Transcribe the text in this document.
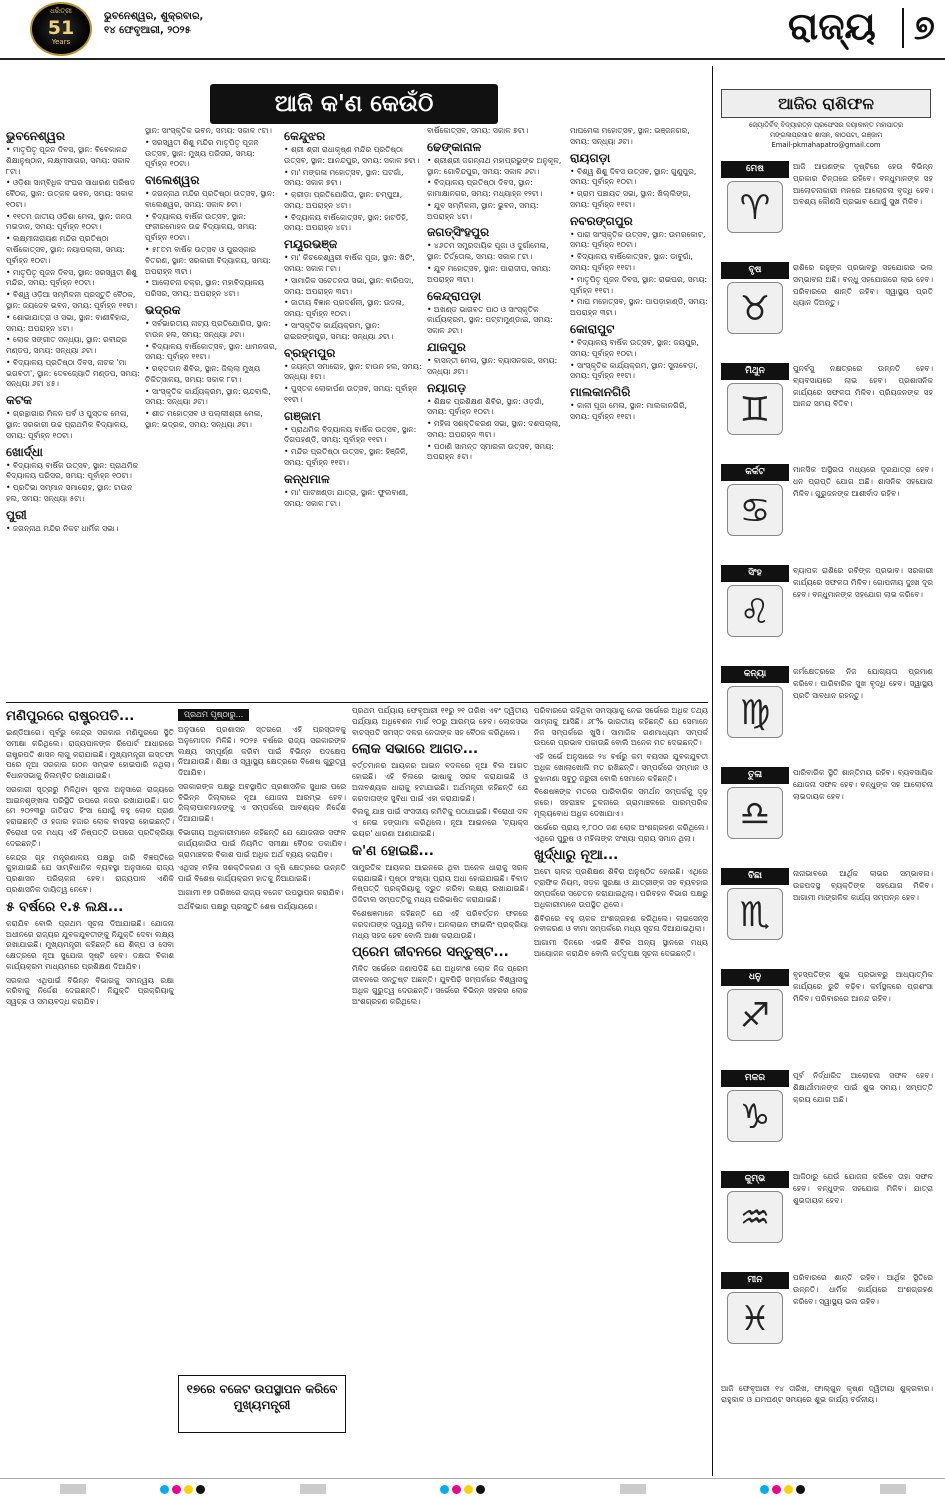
ଧରିତ୍ରୀ
51
Years
ଭୁବନେଶ୍ୱର, ଶୁକ୍ରବାର,
୧୪ ଫେବୃଆରୀ, ୨୦୨୫	ରାଜ୍ୟ	୭
ଆଜି କ'ଣ କେଉଁଠି
ଭୁବନେଶ୍ୱର

• ମାତୃପିତୃ ପୂଜନ ଦିବସ, ସ୍ଥାନ: ବିବେକାନନ୍ଦ ଶିକ୍ଷାନୁଷ୍ଠାନ, ଲକ୍ଷ୍ମୀସାଗର, ସମୟ: ସକାଳ ୮ଟା।

• ଓଡ଼ିଶା ସାମ୍ବିଧିକ ସଂଘର ସାଧାରଣ ପରିଷଦ ବୈଠକ, ସ୍ଥାନ: ଉତ୍କଳ ଭବନ, ସମୟ: ସକାଳ ୧୦ଟା।

• ୧୧ତମ ଜାତୀୟ ଓଡ଼ିଶା ମେଳା, ସ୍ଥାନ: ଜନତା ମଇଦାନ, ସମୟ: ପୂର୍ବାହ୍ନ ୧୦ଟା।

• ଲକ୍ଷ୍ମୀନାରାୟଣ ମନ୍ଦିର ପ୍ରତିଷ୍ଠା ବାର୍ଷିକୋତ୍ସବ, ସ୍ଥାନ: ନୟାପଲ୍ଲୀ, ସମୟ: ପୂର୍ବାହ୍ନ ୧୦ଟା।

• ମାତୃପିତୃ ପୂଜନ ଦିବସ, ସ୍ଥାନ: ସରସ୍ୱତୀ ଶିଶୁ ମନ୍ଦିର, ସମୟ: ପୂର୍ବାହ୍ନ ୧୦ଟା।

• ବିଶ୍ୱ ଓଡ଼ିଆ ସମ୍ମିଳନୀ ପ୍ରସ୍ତୁତି ବୈଠକ, ସ୍ଥାନ: ଜୟଦେବ ଭବନ, ସମୟ: ପୂର୍ବାହ୍ନ ୧୧ଟା।

• ଶୋଭାଯାତ୍ରା ଓ ସଭା, ସ୍ଥାନ: ବାଣୀବିହାର, ସମୟ: ଅପରାହ୍ନ ୪ଟା।

• ଲୋକ ସଙ୍ଗୀତ ସନ୍ଧ୍ୟା, ସ୍ଥାନ: ରବୀନ୍ଦ୍ର ମଣ୍ଡପ, ସମୟ: ସନ୍ଧ୍ୟା ୬ଟା।

• ବିଦ୍ୟାଳୟ ପ୍ରତିଷ୍ଠା ଦିବସ, ନାଟକ 'ମା ଭଗବତୀ', ସ୍ଥାନ: ଦେବଜ୍ୟୋତି ମଣ୍ଡପ, ସମୟ: ସନ୍ଧ୍ୟା ୬ଟା ୪୫।

କଟକ

• ଗ୍ରନ୍ଥାଗାର ମିଳନ ପର୍ବ ଓ ପୁସ୍ତକ ମେଳା, ସ୍ଥାନ: ସରକାରୀ ଉଚ୍ଚ ପ୍ରାଥମିକ ବିଦ୍ୟାଳୟ, ସମୟ: ପୂର୍ବାହ୍ନ ୧୦ଟା।

ଖୋର୍ଦ୍ଧା

• ବିଦ୍ୟାଳୟ ବାର୍ଷିକ ଉତ୍ସବ, ସ୍ଥାନ: ପ୍ରାଥମିକ ବିଦ୍ୟାଳୟ ପରିସର, ସମୟ: ପୂର୍ବାହ୍ନ ୧୦ଟା।

• ପ୍ରତିଭା ସମ୍ମାନ ସମାରୋହ, ସ୍ଥାନ: ଟାଉନ ହଲ, ସମୟ: ସନ୍ଧ୍ୟା ୫ଟା।

ପୁରୀ

• ଜଗନ୍ନାଥ ମନ୍ଦିର ନିକଟ ଧାର୍ମିକ ସଭା।

ସ୍ଥାନ: ସାଂସ୍କୃତିକ ଭବନ, ସମୟ: ସକାଳ ୯ଟା।

• ସରସ୍ୱତୀ ଶିଶୁ ମନ୍ଦିର ମାତୃପିତୃ ପୂଜନ ଉତ୍ସବ, ସ୍ଥାନ: ମୁଖ୍ୟ ପରିସର, ସମୟ: ପୂର୍ବାହ୍ନ ୧୦ଟା।

ବାଲେଶ୍ୱର

• ଜଗନ୍ନାଥ ମନ୍ଦିର ପ୍ରତିଷ୍ଠା ଉତ୍ସବ, ସ୍ଥାନ: ବାଲେଶ୍ୱର, ସମୟ: ସକାଳ ୭ଟା।

• ବିଦ୍ୟାଳୟ ବାର୍ଷିକ ଉତ୍ସବ, ସ୍ଥାନ: ଫକୀରମୋହନ ଉଚ୍ଚ ବିଦ୍ୟାଳୟ, ସମୟ: ପୂର୍ବାହ୍ନ ୧୦ଟା।

• ୫୮ତମ ବାର୍ଷିକ ଉତ୍ସବ ଓ ପୁରସ୍କାର ବିତରଣ, ସ୍ଥାନ: ସରକାରୀ ବିଦ୍ୟାଳୟ, ସମୟ: ଅପରାହ୍ନ ୩ଟା।

• ଆଲୋଚନା ଚକ୍ର, ସ୍ଥାନ: ମହାବିଦ୍ୟାଳୟ ପରିସର, ସମୟ: ଅପରାହ୍ନ ୪ଟା।

ଭଦ୍ରକ

• ସର୍ବଭାରତୀୟ ନାଟ୍ୟ ପ୍ରତିଯୋଗିତା, ସ୍ଥାନ: ଟାଉନ ହଲ, ସମୟ: ସନ୍ଧ୍ୟା ୬ଟା।

• ବିଦ୍ୟାଳୟ ବାର୍ଷିକୋତ୍ସବ, ସ୍ଥାନ: ଧାମନଗର, ସମୟ: ପୂର୍ବାହ୍ନ ୧୧ଟା।

• ରକ୍ତଦାନ ଶିବିର, ସ୍ଥାନ: ଜିଲ୍ଲା ମୁଖ୍ୟ ଚିକିତ୍ସାଳୟ, ସମୟ: ସକାଳ ୮ଟା।

• ସାଂସ୍କୃତିକ କାର୍ଯ୍ୟକ୍ରମ, ସ୍ଥାନ: ଚାନ୍ଦବାଲି, ସମୟ: ସନ୍ଧ୍ୟା ୬ଟା।

• ଶୀତ ମହୋତ୍ସବ ଓ ପଲ୍ଲୀଶ୍ରୀ ମେଳା, ସ୍ଥାନ: ଭଦ୍ରକ, ସମୟ: ସନ୍ଧ୍ୟା ୬ଟା।

କେନ୍ଦୁଝର

• ଶ୍ରୀ ଶ୍ରୀ ରାଧାକୃଷ୍ଣ ମନ୍ଦିର ପ୍ରତିଷ୍ଠା ଉତ୍ସବ, ସ୍ଥାନ: ଆନନ୍ଦପୁର, ସମୟ: ସକାଳ ୭ଟା।

• ମା' ମଙ୍ଗଳା ମହୋତ୍ସବ, ସ୍ଥାନ: ଘଟଗାଁ, ସମୟ: ସକାଳ ୭ଟା।

• କ୍ରୀଡ଼ା ପ୍ରତିଯୋଗିତା, ସ୍ଥାନ: ଚମ୍ପୁଆ, ସମୟ: ଅପରାହ୍ନ ୪ଟା।

• ବିଦ୍ୟାଳୟ ବାର୍ଷିକୋତ୍ସବ, ସ୍ଥାନ: ହାଟଡିହି, ସମୟ: ଅପରାହ୍ନ ୪ଟା।

ମୟୂରଭଞ୍ଜ

• ମା' କିଚକେଶ୍ୱରୀ ବାର୍ଷିକ ପୂଜା, ସ୍ଥାନ: ଖିଚିଂ, ସମୟ: ସକାଳ ୮ଟା।

• ସାମାଜିକ ସଚେତନତା ସଭା, ସ୍ଥାନ: ବାରିପଦା, ସମୟ: ଅପରାହ୍ନ ୩ଟା।

• ଜାତୀୟ ବିଜ୍ଞାନ ପ୍ରଦର୍ଶନୀ, ସ୍ଥାନ: ଉଦଳା, ସମୟ: ପୂର୍ବାହ୍ନ ୧୦ଟା।

• ସାଂସ୍କୃତିକ କାର୍ଯ୍ୟକ୍ରମ, ସ୍ଥାନ: ରାଇରଙ୍ଗପୁର, ସମୟ: ସନ୍ଧ୍ୟା ୬ଟା।

ବ୍ରହ୍ମପୁର

• ଜୟନ୍ତୀ ସମାରୋହ, ସ୍ଥାନ: ଟାଉନ ହଲ, ସମୟ: ସନ୍ଧ୍ୟା ୫ଟା।

• ପୁସ୍ତକ ଲୋକାର୍ପଣ ଉତ୍ସବ, ସମୟ: ପୂର୍ବାହ୍ନ ୧୧ଟା।

ଗଞ୍ଜାମ

• ପ୍ରାଥମିକ ବିଦ୍ୟାଳୟ ବାର୍ଷିକ ଉତ୍ସବ, ସ୍ଥାନ: ଦିଗପହଣ୍ଡି, ସମୟ: ପୂର୍ବାହ୍ନ ୧୧ଟା।

• ମନ୍ଦିର ପ୍ରତିଷ୍ଠା ଉତ୍ସବ, ସ୍ଥାନ: ହିଞ୍ଜିଳି, ସମୟ: ପୂର୍ବାହ୍ନ ୧୧ଟା।

କନ୍ଧମାଳ

• ମା' ପାଟଖଣ୍ଡା ଯାତ୍ରା, ସ୍ଥାନ: ଫୁଲବାଣୀ, ସମୟ: ସକାଳ ୮ଟା।

ବାର୍ଷିକୋତ୍ସବ, ସମୟ: ସକାଳ ୭ଟା।

ଢେଙ୍କାନାଳ

• ଶ୍ରୀଶ୍ରୀ ଜଗନ୍ନାଥ ମହାପ୍ରଭୁଙ୍କ ଅନୁକୂଳ, ସ୍ଥାନ: ଗୋବିନ୍ଦପୁର, ସମୟ: ସକାଳ ୬ଟା।

• ବିଦ୍ୟାଳୟ ପ୍ରତିଷ୍ଠା ଦିବସ, ସ୍ଥାନ: କାମାକ୍ଷାନଗର, ସମୟ: ମଧ୍ୟାହ୍ନ ୧୨ଟା।

• ଯୁବ ସମ୍ମିଳନୀ, ସ୍ଥାନ: ଭୁବନ, ସମୟ: ଅପରାହ୍ନ ୪ଟା।

ଜଗତ୍‌ସିଂହପୁର

• ୪୬ତମ ସମ୍ପ୍ରଦାୟିକ ପୂଜା ଓ ଦୁର୍ଗାମେଳା, ସ୍ଥାନ: ତିର୍ତ୍ତୋଲ, ସମୟ: ସକାଳ ୮ଟା।

• ଯୁବ ମହୋତ୍ସବ, ସ୍ଥାନ: ପାରାଦୀପ, ସମୟ: ଅପରାହ୍ନ ୩ଟା।

କେନ୍ଦ୍ରାପଡ଼ା

• ଅଖଣ୍ଡ ଭାଗବତ ପାଠ ଓ ସାଂସ୍କୃତିକ କାର୍ଯ୍ୟକ୍ରମ, ସ୍ଥାନ: ପଟ୍ଟାମୁଣ୍ଡାଇ, ସମୟ: ସକାଳ ୬ଟା।

ଯାଜପୁର

• ବାସନ୍ତୀ ମେଳା, ସ୍ଥାନ: ବ୍ୟାସନଗର, ସମୟ: ସନ୍ଧ୍ୟା ୬ଟା।

ନୟାଗଡ଼

• ଶିକ୍ଷକ ପ୍ରଶିକ୍ଷଣ ଶିବିର, ସ୍ଥାନ: ଓଡ଼ଗାଁ, ସମୟ: ପୂର୍ବାହ୍ନ ୧୦ଟା।

• ମହିଳା ସଶକ୍ତିକରଣ ସଭା, ସ୍ଥାନ: ଦଶପଲ୍ଲା, ସମୟ: ଅପରାହ୍ନ ୩ଟା।

• ପଠାଣି ସାମନ୍ତ ସ୍ମାରକୀ ଉତ୍ସବ, ସମୟ: ଅପରାହ୍ନ ୫ଟା।

ମାଘମେଳା ମହୋତ୍ସବ, ସ୍ଥାନ: ଭଞ୍ଜନଗର, ସମୟ: ସନ୍ଧ୍ୟା ୬ଟା।

ରାୟଗଡ଼ା

• ବିଶ୍ୱ ଶିଶୁ ଦିବସ ଉତ୍ସବ, ସ୍ଥାନ: ଗୁଣୁପୁର, ସମୟ: ପୂର୍ବାହ୍ନ ୧୦ଟା।

• ଗ୍ରାମ ପଞ୍ଚାୟତ ସଭା, ସ୍ଥାନ: ଖିଲ୍ଲିଙ୍ଗ, ସମୟ: ପୂର୍ବାହ୍ନ ୧୧ଟା।

ନବରଙ୍ଗପୁର

• ପାରା ସାଂସ୍କୃତିକ ଉତ୍ସବ, ସ୍ଥାନ: ଉମରକୋଟ, ସମୟ: ପୂର୍ବାହ୍ନ ୧୦ଟା।

• ବିଦ୍ୟାଳୟ ବାର୍ଷିକୋତ୍ସବ, ସ୍ଥାନ: ଡାବୁଗାଁ, ସମୟ: ପୂର୍ବାହ୍ନ ୧୧ଟା।

• ମାତୃପିତୃ ପୂଜନ ଦିବସ, ସ୍ଥାନ: ରାଇଘର, ସମୟ: ପୂର୍ବାହ୍ନ ୧୧ଟା।

• ମାଘ ମହୋତ୍ସବ, ସ୍ଥାନ: ପାପଡ଼ାହାଣ୍ଡି, ସମୟ: ଅପରାହ୍ନ ୩ଟା।

କୋରାପୁଟ

• ବିଦ୍ୟାଳୟ ବାର୍ଷିକ ଉତ୍ସବ, ସ୍ଥାନ: ଜୟପୁର, ସମୟ: ପୂର୍ବାହ୍ନ ୧୦ଟା।

• ସାଂସ୍କୃତିକ କାର୍ଯ୍ୟକ୍ରମ, ସ୍ଥାନ: ସୁନାବେଡ଼ା, ସମୟ: ପୂର୍ବାହ୍ନ ୧୧ଟା।

ମାଲକାନଗିରି

• କାଳୀ ପୂଜା ମେଳା, ସ୍ଥାନ: ମାଲକାନଗିରି, ସମୟ: ପୂର୍ବାହ୍ନ ୧୧ଟା।

ଆଜିର ରାଶିଫଳ
ଜ୍ୟୋତିର୍ବିଦ୍ ବିଦ୍ୟାରତ୍ନ ପ୍ରଫେସର ଦୟାକାନ୍ତ ମହାପାତ୍ର
ମଙ୍ଗଳାପ୍ରସାଦ ଶାସନ, କାଠପଟା, ଗଞ୍ଜାମ
Email-pkmahapatro@gmail.com
ମେଷ
♈
ଆଜି ଆପଣଙ୍କ ଦୃଷ୍ଟିରେ ହେଉ ବିଭିନ୍ନ ପ୍ରକାର ଚିନ୍ତାରେ ରହିବେ। ବନ୍ଧୁମାନଙ୍କ ସହ ଆଲୋଚନାକାରୀ ମନରେ ଆଲୋଚନା ବୃଦ୍ଧି ହେବ। ଅବଶ୍ୟ କୌଣସି ପ୍ରଭାବ ଯୋଗୁଁ ସୁଖ ମିଳିବ।
ବୃଷ
♉
ରାଶିରେ ରହୁଙ୍କ ପ୍ରଭାବରୁ ସହଯୋଗର ଭଲ ସମ୍ଭାବନା ଅଛି। ବନ୍ଧୁ ସହଯୋଗରେ ଲାଭ ହେବ। ପରିବାରରେ ଶାନ୍ତି ରହିବ। ସ୍ୱାସ୍ଥ୍ୟ ପ୍ରତି ଧ୍ୟାନ ଦିଅନ୍ତୁ।
ମିଥୁନ
♊
ପୁନର୍ବସୁ ନକ୍ଷତ୍ରରେ ଉନ୍ନତି ହେବ। ବ୍ୟବସାୟରେ ଲାଭ ହେବ। ପ୍ରଶାସନିକ କାର୍ଯ୍ୟରେ ସଫଳତା ମିଳିବ। ପ୍ରିୟଜନଙ୍କ ସହ ଆନନ୍ଦ ସମୟ ବିତିବ।
କର୍କଟ
♋
ମାନସିକ ଅସ୍ଥିରତା ମଧ୍ୟରେ ଦୂରଯାତ୍ରା ହେବ। ଧନ ପ୍ରାପ୍ତି ଯୋଗ ଅଛି। ଶାସନିକ ସହଯୋଗ ମିଳିବ। ଗୁରୁଜନଙ୍କ ଆଶୀର୍ବାଦ ରହିବ।
ସିଂହ
♌
ବ୍ୟାପକ ରାଶିରେ ରବିଙ୍କ ପ୍ରଭାବ। ସରକାରୀ କାର୍ଯ୍ୟରେ ସଫଳତା ମିଳିବ। ଗୋପନୀୟ ଦୁଃଖ ଦୂର ହେବ। ବନ୍ଧୁମାନଙ୍କ ସହଯୋଗ ଲାଭ କରିବେ।
କନ୍ୟା
♍
କର୍ମକ୍ଷେତ୍ରରେ ନିଜ ଯୋଗ୍ୟତା ପ୍ରମାଣ କରିବେ। ପାରିବାରିକ ସୁଖ ବୃଦ୍ଧି ହେବ। ସ୍ୱାସ୍ଥ୍ୟ ପ୍ରତି ସାବଧାନ ରହନ୍ତୁ।
ତୁଳା
♎
ପାରିବାରିକ ସ୍ଥିତି ଶାନ୍ତିମୟ ରହିବ। ବ୍ୟବସାୟିକ ଯୋଜନା ସଫଳ ହେବ। ବନ୍ଧୁଙ୍କ ସହ ଆଲୋଚନା ଲାଭଦାୟକ ହେବ।
ବିଛା
♏
ନାନାଭାବରେ ଆର୍ଥିକ ଲାଭର ସମ୍ଭାବନା। ଉଚ୍ଚପଦସ୍ଥ ବ୍ୟକ୍ତିଙ୍କ ସହଯୋଗ ମିଳିବ। ଆଗାମୀ ମାଙ୍ଗଳିକ କାର୍ଯ୍ୟ ସମ୍ପନ୍ନ ହେବ।
ଧନୁ
♐
ବୃହସ୍ପତିଙ୍କ ଶୁଭ ପ୍ରଭାବରୁ ଆଧ୍ୟାତ୍ମିକ କାର୍ଯ୍ୟରେ ରୁଚି ବଢ଼ିବ। କର୍ମସ୍ଥଳରେ ପ୍ରଶଂସା ମିଳିବ। ପରିବାରରେ ଆନନ୍ଦ ରହିବ।
ମକର
♑
ପୂର୍ବ ନିର୍ଦ୍ଧାରିତ ଆଲୋଚନା ସଫଳ ହେବ। ଶିକ୍ଷାର୍ଥୀମାନଙ୍କ ପାଇଁ ଶୁଭ ସମୟ। ସମ୍ପତ୍ତି କ୍ରୟ ଯୋଗ ଅଛି।
କୁମ୍ଭ
♒
ଆଜିଠାରୁ ଯେଉଁ ଯୋଜନା କରିବେ ତାହା ସଫଳ ହେବ। ବନ୍ଧୁଙ୍କ ସହଯୋଗ ମିଳିବ। ଯାତ୍ରା ଶୁଭଦାୟକ ହେବ।
ମୀନ
♓
ପରିବାରରେ ଶାନ୍ତି ରହିବ। ଆର୍ଥିକ ସ୍ଥିତିରେ ଉନ୍ନତି। ଧାର୍ମିକ କାର୍ଯ୍ୟରେ ଅଂଶଗ୍ରହଣ କରିବେ। ସ୍ୱାସ୍ଥ୍ୟ ଭଲ ରହିବ।
ଆଜି ଫେବୃଆରୀ ୧୪ ତାରିଖ, ଫାଲ୍‌ଗୁନ କୃଷ୍ଣ ଦ୍ୱିତୀୟା ଶୁକ୍ରବାର। ରାହୁକାଳ ଓ ଯମଘଣ୍ଟ ସମୟରେ ଶୁଭ କାର୍ଯ୍ୟ ବର୍ଜନୀୟ।
ମଣିପୁରରେ ରାଷ୍ଟ୍ରପତି...

ଇଣ୍ଡିଆରେ। ପୂର୍ବରୁ କେନ୍ଦ୍ର ସରକାର ମଣିପୁରରେ ସ୍ଥିତି ସମୀକ୍ଷା କରିଥିଲେ। ରାଜ୍ୟପାଳଙ୍କ ରିପୋର୍ଟ ଆଧାରରେ ରାଷ୍ଟ୍ରପତି ଶାସନ ଲାଗୁ କରାଯାଇଛି। ମୁଖ୍ୟମନ୍ତ୍ରୀ ଇସ୍ତଫା ପରେ ନୂଆ ସରକାର ଗଠନ ସମ୍ଭବ ହୋଇପାରି ନଥିଲା। ବିଧାନସଭାକୁ ନିଲମ୍ବିତ ରଖାଯାଇଛି।

ସରକାରୀ ସୂତ୍ରରୁ ମିଳିଥିବା ସୂଚନା ଅନୁସାରେ ରାଜ୍ୟରେ ଆଇନଶୃଙ୍ଖଳା ପରିସ୍ଥିତି ଉପରେ ନଜର ରଖାଯାଉଛି। ଗତ ମେ ୨୦୨୩ରୁ ଜାତିଗତ ହିଂସା ଯୋଗୁଁ ବହୁ ଲୋକ ପ୍ରାଣ ହରାଇଛନ୍ତି ଓ ହଜାର ହଜାର ଲୋକ ବାସହରା ହୋଇଛନ୍ତି। ବିରୋଧୀ ଦଳ ମଧ୍ୟ ଏହି ନିଷ୍ପତ୍ତି ଉପରେ ପ୍ରତିକ୍ରିୟା ଦେଇଛନ୍ତି।

କେନ୍ଦ୍ର ଗୃହ ମନ୍ତ୍ରଣାଳୟ ପକ୍ଷରୁ ଜାରି ବିଜ୍ଞପ୍ତିରେ କୁହାଯାଇଛି ଯେ ସାମ୍ବିଧାନିକ ବ୍ୟବସ୍ଥା ଅନୁସାରେ ରାଜ୍ୟ ପ୍ରଶାସନ ପରିଚାଳନା ହେବ। ରାଜ୍ୟପାଳ ଏଣିକି ପ୍ରଶାସନିକ ଦାୟିତ୍ୱ ନେବେ।

୫ ବର୍ଷରେ ୧.୫ ଲକ୍ଷ...

କରାଯିବ ବୋଲି ପ୍ରଥମ ସୂଚନା ଦିଆଯାଇଛି। ଯୋଜନା ଅଧୀନରେ ରାଜ୍ୟର ଯୁବକଯୁବତୀଙ୍କୁ ନିଯୁକ୍ତି ଦେବା ଲକ୍ଷ୍ୟ ରଖାଯାଇଛି। ମୁଖ୍ୟମନ୍ତ୍ରୀ କହିଛନ୍ତି ଯେ ଶିଳ୍ପ ଓ ସେବା କ୍ଷେତ୍ରରେ ନୂଆ ସୁଯୋଗ ସୃଷ୍ଟି ହେବ। ଦକ୍ଷତା ବିକାଶ କାର୍ଯ୍ୟକ୍ରମ ମାଧ୍ୟମରେ ପ୍ରଶିକ୍ଷଣ ଦିଆଯିବ।

ସରକାର ଏଥିପାଇଁ ବିଭିନ୍ନ ବିଭାଗକୁ ସମନ୍ୱୟ ରକ୍ଷା କରିବାକୁ ନିର୍ଦ୍ଦେଶ ଦେଇଛନ୍ତି। ନିଯୁକ୍ତି ପ୍ରକ୍ରିୟାକୁ ସ୍ୱଚ୍ଛ ଓ ସମୟବଦ୍ଧ କରାଯିବ।

ପ୍ରଥମ ପୃଷ୍ଠାରୁ...

ଅନୁସାରେ ପ୍ରଶାସନ ସ୍ତରରେ ଏହି ପ୍ରସ୍ତାବକୁ ଅନୁମୋଦନ ମିଳିଛି। ୨୦୨୫ ବର୍ଷରେ ରାଜ୍ୟ ସରକାରଙ୍କ ଲକ୍ଷ୍ୟ ସମ୍ପୂର୍ଣ୍ଣ କରିବା ପାଇଁ ବିଭିନ୍ନ ପଦକ୍ଷେପ ନିଆଯାଉଛି। ଶିକ୍ଷା ଓ ସ୍ୱାସ୍ଥ୍ୟ କ୍ଷେତ୍ରରେ ବିଶେଷ ଗୁରୁତ୍ୱ ଦିଆଯିବ।

ସରକାରଙ୍କ ପକ୍ଷରୁ ଅବସ୍ଥାପିତ ପ୍ରଶାସନିକ ସୁଧାର ପରେ ବିଭିନ୍ନ ଜିଲ୍ଲାରେ ନୂଆ ଯୋଜନା ଆରମ୍ଭ ହେବ। ଜିଲ୍ଲାପାଳମାନଙ୍କୁ ଏ ସମ୍ପର୍କରେ ଆବଶ୍ୟକ ନିର୍ଦ୍ଦେଶ ଦିଆଯାଇଛି।

ବିଭାଗୀୟ ଅଧିକାରୀମାନେ କହିଛନ୍ତି ଯେ ଯୋଜନାର ସଫଳ କାର୍ଯ୍ୟକାରିତା ପାଇଁ ନିୟମିତ ସମୀକ୍ଷା ବୈଠକ ଡକାଯିବ। ଗ୍ରାମାଞ୍ଚଳର ବିକାଶ ପାଇଁ ଅଧିକ ଅର୍ଥ ବ୍ୟୟ କରାଯିବ।

ଏଥିସହ ମହିଳା ସଶକ୍ତିକରଣ ଓ କୃଷି କ୍ଷେତ୍ରରେ ଉନ୍ନତି ପାଇଁ ବିଶେଷ କାର୍ଯ୍ୟକ୍ରମ ହାତକୁ ନିଆଯାଇଛି।

ଆଗାମୀ ୧୭ ତାରିଖରେ ରାଜ୍ୟ ବଜେଟ ଉପସ୍ଥାପନ କରାଯିବ।

ଅର୍ଥବିଭାଗ ପକ୍ଷରୁ ପ୍ରସ୍ତୁତି ଶେଷ ପର୍ଯ୍ୟାୟରେ।

୧୭ରେ ବଜେଟ ଉପସ୍ଥାପନ କରିବେ ମୁଖ୍ୟମନ୍ତ୍ରୀ

ପ୍ରଥମ ପର୍ଯ୍ୟାୟ ଫେବୃଆରୀ ୧୧ରୁ ୨୧ ତାରିଖ ଏବଂ ଦ୍ୱିତୀୟ ପର୍ଯ୍ୟାୟ ଅଧିବେଶନ ମାର୍ଚ୍ଚ ୧୦ରୁ ଆରମ୍ଭ ହେବ। ଲୋକସଭା ବାଚସ୍ପତି ସମସ୍ତ ଦଳର ନେତାଙ୍କ ସହ ବୈଠକ କରିଥିଲେ।

ଲୋକ ସଭାରେ ଆଗତ...

ବର୍ତ୍ତମାନର ଆୟକର ଆଇନ ବଦଳରେ ନୂଆ ବିଲ ଆଗତ ହୋଇଛି। ଏହି ବିଲରେ ଭାଷାକୁ ସରଳ କରାଯାଇଛି ଓ ଅନାବଶ୍ୟକ ଧାରାକୁ ହଟାଯାଇଛି। ଅର୍ଥମନ୍ତ୍ରୀ କହିଛନ୍ତି ଯେ କରଦାତାଙ୍କ ସୁବିଧା ପାଇଁ ଏହା କରାଯାଇଛି।

ବିଲକୁ ଯାଞ୍ଚ ପାଇଁ ସଂସଦୀୟ କମିଟିକୁ ପଠାଯାଇଛି। ବିରୋଧୀ ଦଳ ଏ ନେଇ ହଙ୍ଗାମା କରିଥିଲେ। ନୂଆ ଆଇନରେ 'ଟ୍ୟାକ୍ସ ଇୟର' ଧାରଣା ଆଣାଯାଇଛି।

କ'ଣ ହୋଇଛି...

ସାମ୍ପ୍ରତିକ ଆୟକର ଆଇନରେ ଥିବା ଅନେକ ଧାରାକୁ ସରଳ କରାଯାଇଛି। ପୃଷ୍ଠା ସଂଖ୍ୟା ପ୍ରାୟ ଅଧା ହୋଇଯାଇଛି। ବିବାଦ ନିଷ୍ପତ୍ତି ପ୍ରକ୍ରିୟାକୁ ଦ୍ରୁତ କରିବା ଲକ୍ଷ୍ୟ ରଖାଯାଇଛି। ଡିଜିଟାଲ ସମ୍ପତ୍ତିକୁ ମଧ୍ୟ ପରିଭାଷିତ କରାଯାଇଛି।

ବିଶେଷଜ୍ଞମାନେ କହିଛନ୍ତି ଯେ ଏହି ପରିବର୍ତ୍ତନ ଫଳରେ କରଦାତାଙ୍କ ଦ୍ୱନ୍ଦ୍ୱ କମିବ। ଅନଲାଇନ ଫାଇଲିଂ ପ୍ରକ୍ରିୟା ମଧ୍ୟ ସହଜ ହେବ ବୋଲି ଆଶା କରାଯାଉଛି।

ପ୍ରେମ ଜୀବନରେ ସନ୍ତୁଷ୍ଟ...

ମିଳିତ ସର୍ଭେରେ ଜଣାପଡ଼ିଛି ଯେ ଅଧିକାଂଶ ଲୋକ ନିଜ ପ୍ରେମ ଜୀବନରେ ସନ୍ତୁଷ୍ଟ ଅଛନ୍ତି। ଯୁବପିଢ଼ି ସମ୍ପର୍କରେ ବିଶ୍ୱାସକୁ ଅଧିକ ଗୁରୁତ୍ୱ ଦେଉଛନ୍ତି। ସର୍ଭେରେ ବିଭିନ୍ନ ସହରର ଲୋକ ଅଂଶଗ୍ରହଣ କରିଥିଲେ।

ପରିବାରରେ ରହିଥିବା ସମସ୍ୟାକୁ ନେଇ ସର୍ଭେରେ ଅଧିକ ତଥ୍ୟ ସାମ୍ନାକୁ ଆସିଛି। ୬୮% ଭାରତୀୟ କହିଛନ୍ତି ଯେ ସେମାନେ ନିଜ ସମ୍ପର୍କରେ ଖୁସି। ସାମାଜିକ ଗଣମାଧ୍ୟମ ସମ୍ପର୍କ ଉପରେ ପ୍ରଭାବ ପକାଉଛି ବୋଲି ଅନେକ ମତ ଦେଇଛନ୍ତି।

ଏହି ସର୍ଭେ ଅନୁସାରେ ୨୪ ବର୍ଷରୁ କମ ବୟସର ଯୁବକଯୁବତୀ ଅଧିକ ଖୋଲାଖୋଲି ମତ ରଖିଛନ୍ତି। ସମ୍ପର୍କରେ ସମ୍ମାନ ଓ ବୁଝାମଣା ସବୁଠୁ ଜରୁରୀ ବୋଲି ସେମାନେ କହିଛନ୍ତି।

ବିଶେଷଜ୍ଞଙ୍କ ମତରେ ପାରିବାରିକ ସମର୍ଥନ ସମ୍ପର୍କକୁ ଦୃଢ଼ କରେ। ସହରାଞ୍ଚଳ ତୁଳନାରେ ଗ୍ରାମାଞ୍ଚଳରେ ପାରମ୍ପରିକ ମୂଲ୍ୟବୋଧ ଅଧିକ ଦେଖାଯାଏ।

ସର୍ଭେରେ ପ୍ରାୟ ୧,୮୦୦ ଜଣ ଲୋକ ଅଂଶଗ୍ରହଣ କରିଥିଲେ। ଏଥିରେ ପୁରୁଷ ଓ ମହିଳାଙ୍କ ସଂଖ୍ୟା ପ୍ରାୟ ସମାନ ଥିଲା।

ଖୁର୍ଦ୍ଧାରୁ ନୂଆ...

ଅଟୋ ଚାଳକ ପ୍ରଶିକ୍ଷଣ ଶିବିର ଅନୁଷ୍ଠିତ ହୋଇଛି। ଏଥିରେ ଟ୍ରାଫିକ ନିୟମ, ସଡ଼କ ସୁରକ୍ଷା ଓ ଯାତ୍ରୀଙ୍କ ସହ ବ୍ୟବହାର ସମ୍ପର୍କରେ ସଚେତନ କରାଯାଇଥିଲା। ପରିବହନ ବିଭାଗ ପକ୍ଷରୁ ଅଧିକାରୀମାନେ ଉପସ୍ଥିତ ଥିଲେ।

ଶିବିରରେ ବହୁ ଚାଳକ ଅଂଶଗ୍ରହଣ କରିଥିଲେ। ଲାଇସେନ୍ସ ନବୀକରଣ ଓ ବୀମା ସମ୍ପର୍କରେ ମଧ୍ୟ ସୂଚନା ଦିଆଯାଇଥିଲା।

ଆଗାମୀ ଦିନରେ ଏଭଳି ଶିବିର ଅନ୍ୟ ସ୍ଥାନରେ ମଧ୍ୟ ଆୟୋଜନ କରାଯିବ ବୋଲି କର୍ତ୍ତୃପକ୍ଷ ସୂଚନା ଦେଇଛନ୍ତି।
